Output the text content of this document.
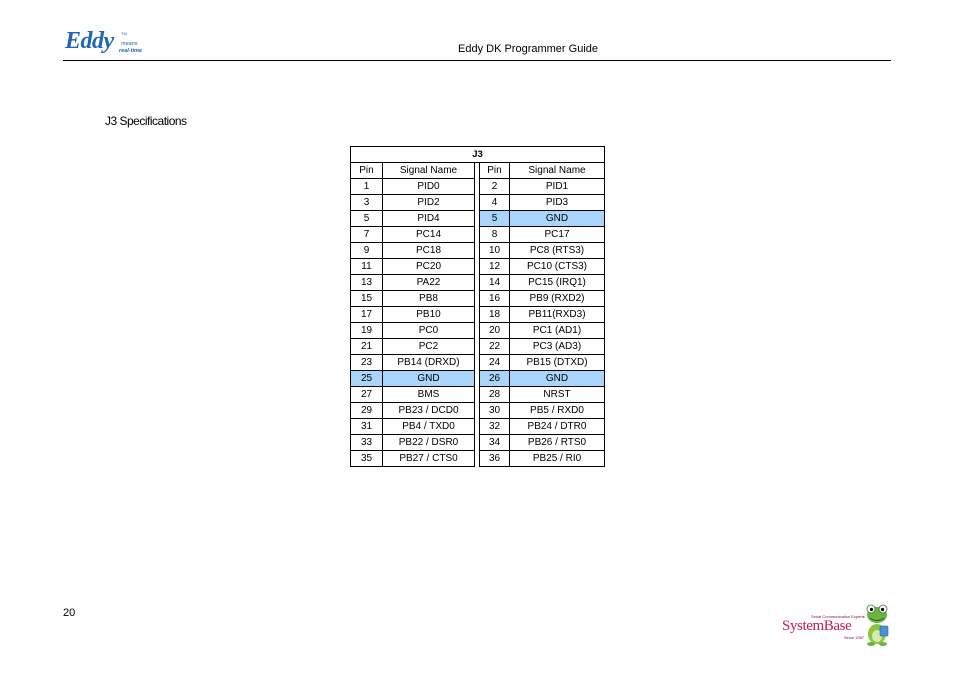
Eddy TM
means
real-time	Eddy DK Programmer Guide
J3 Specifications
J3				
Pin	Signal Name		Pin	Signal Name
1	PID0		2	PID1
3	PID2		4	PID3
5	PID4		5	GND
7	PC14		8	PC17
9	PC18		10	PC8 (RTS3)
11	PC20		12	PC10 (CTS3)
13	PA22		14	PC15 (IRQ1)
15	PB8		16	PB9 (RXD2)
17	PB10		18	PB11(RXD3)
19	PC0		20	PC1 (AD1)
21	PC2		22	PC3 (AD3)
23	PB14 (DRXD)		24	PB15 (DTXD)
25	GND		26	GND
27	BMS		28	NRST
29	PB23 / DCD0		30	PB5 / RXD0
31	PB4 / TXD0		32	PB24 / DTR0
33	PB22 / DSR0		34	PB26 / RTS0
35	PB27 / CTS0		36	PB25 / RI0
20	Serial Communication Experts
SystemBase
Since 1987
